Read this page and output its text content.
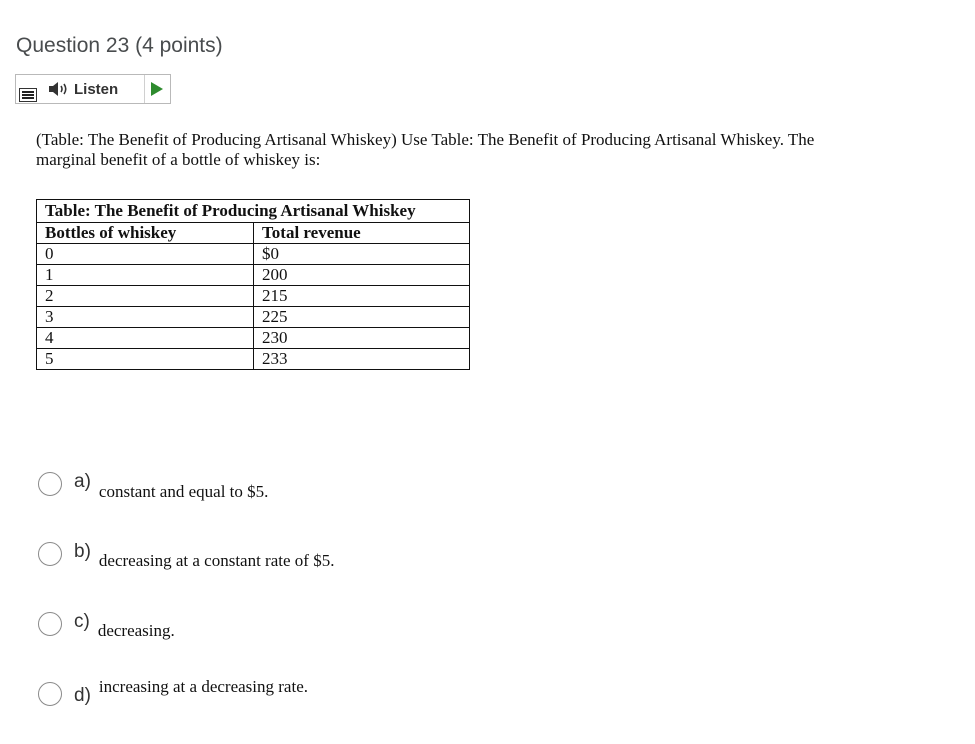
Question 23 (4 points)
Listen
(Table: The Benefit of Producing Artisanal Whiskey) Use Table: The Benefit of Producing Artisanal Whiskey. The marginal benefit of a bottle of whiskey is:
Table: The Benefit of Producing Artisanal Whiskey	
Bottles of whiskey	Total revenue
0	$0
1	200
2	215
3	225
4	230
5	233
a) constant and equal to $5.
b) decreasing at a constant rate of $5.
c) decreasing.
d) increasing at a decreasing rate.
